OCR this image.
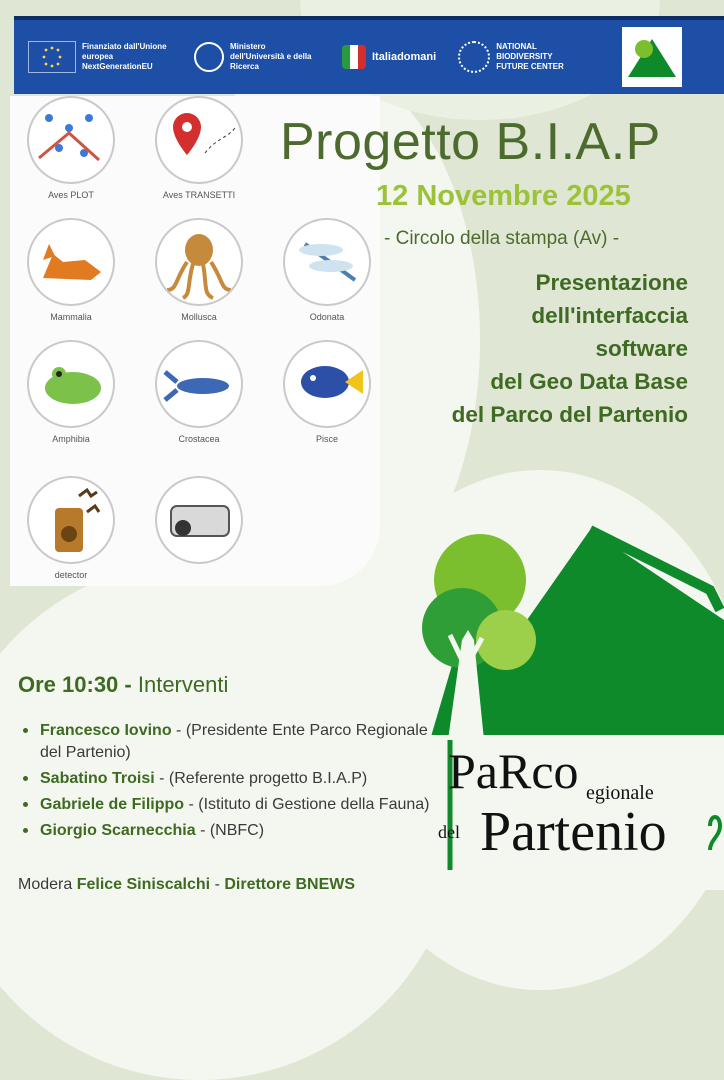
Finanziato dall'Unione europea NextGenerationEU
Ministero dell'Università e della Ricerca
Italiadomani
NATIONAL BIODIVERSITY FUTURE CENTER
Aves PLOT	Aves TRANSETTI
Mammalia	Mollusca	Odonata
Amphibia	Crostacea	Pisce
detector
Progetto B.I.A.P
12 Novembre 2025
- Circolo della stampa (Av) -
Presentazione
dell'interfaccia
software
del Geo Data Base
del Parco del Partenio
PaRco egionale
del Partenio
Ore 10:30 - Interventi
• Francesco Iovino - (Presidente Ente Parco Regionale del Partenio)
• Sabatino Troisi - (Referente progetto B.I.A.P)
• Gabriele de Filippo - (Istituto di Gestione della Fauna)
• Giorgio Scarnecchia - (NBFC)
Modera Felice Siniscalchi - Direttore BNEWS
